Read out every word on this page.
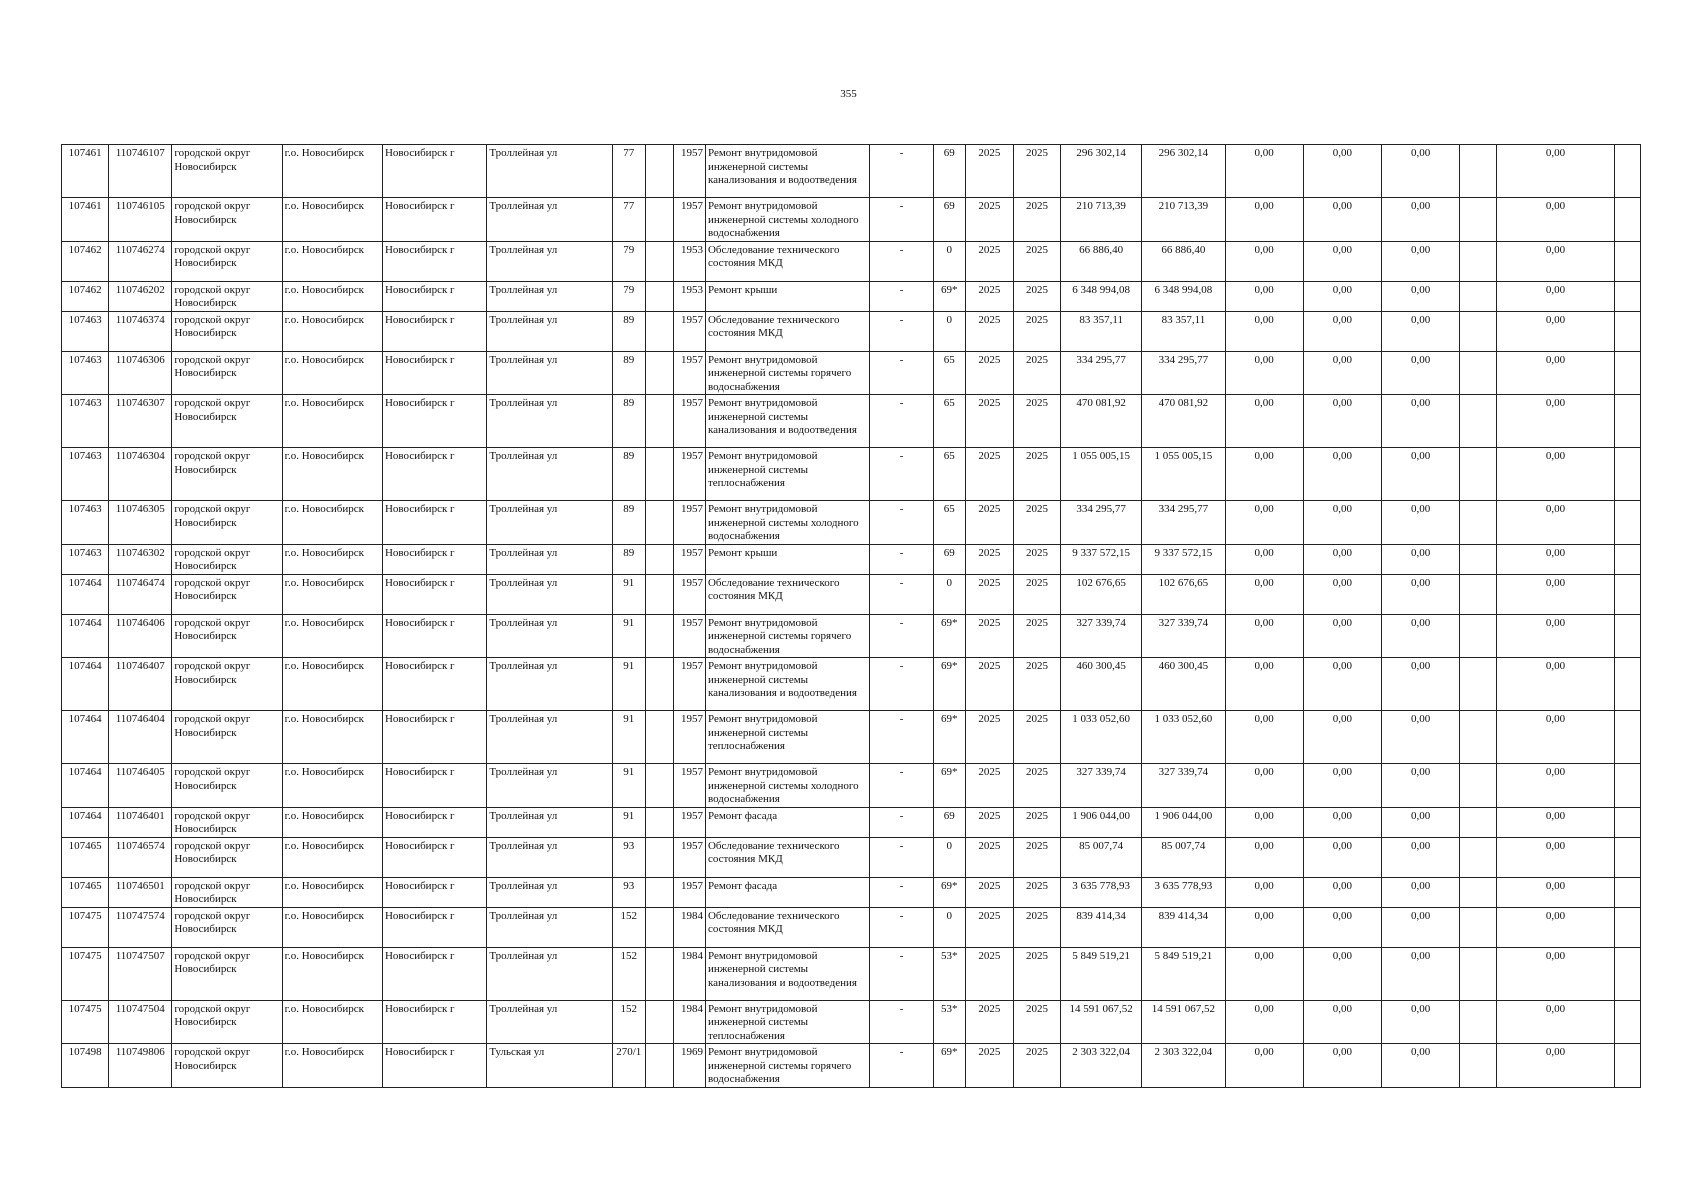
355
107461	110746107	городской округ Новосибирск	г.о. Новосибирск	Новосибирск г	Троллейная ул	77		1957	Ремонт внутридомовой инженерной системы канализования и водоотведения	-	69	2025	2025	296 302,14	296 302,14	0,00	0,00	0,00		0,00	
107461	110746105	городской округ Новосибирск	г.о. Новосибирск	Новосибирск г	Троллейная ул	77		1957	Ремонт внутридомовой инженерной системы холодного водоснабжения	-	69	2025	2025	210 713,39	210 713,39	0,00	0,00	0,00		0,00	
107462	110746274	городской округ Новосибирск	г.о. Новосибирск	Новосибирск г	Троллейная ул	79		1953	Обследование технического состояния МКД	-	0	2025	2025	66 886,40	66 886,40	0,00	0,00	0,00		0,00	
107462	110746202	городской округ Новосибирск	г.о. Новосибирск	Новосибирск г	Троллейная ул	79		1953	Ремонт крыши	-	69*	2025	2025	6 348 994,08	6 348 994,08	0,00	0,00	0,00		0,00	
107463	110746374	городской округ Новосибирск	г.о. Новосибирск	Новосибирск г	Троллейная ул	89		1957	Обследование технического состояния МКД	-	0	2025	2025	83 357,11	83 357,11	0,00	0,00	0,00		0,00	
107463	110746306	городской округ Новосибирск	г.о. Новосибирск	Новосибирск г	Троллейная ул	89		1957	Ремонт внутридомовой инженерной системы горячего водоснабжения	-	65	2025	2025	334 295,77	334 295,77	0,00	0,00	0,00		0,00	
107463	110746307	городской округ Новосибирск	г.о. Новосибирск	Новосибирск г	Троллейная ул	89		1957	Ремонт внутридомовой инженерной системы канализования и водоотведения	-	65	2025	2025	470 081,92	470 081,92	0,00	0,00	0,00		0,00	
107463	110746304	городской округ Новосибирск	г.о. Новосибирск	Новосибирск г	Троллейная ул	89		1957	Ремонт внутридомовой инженерной системы теплоснабжения	-	65	2025	2025	1 055 005,15	1 055 005,15	0,00	0,00	0,00		0,00	
107463	110746305	городской округ Новосибирск	г.о. Новосибирск	Новосибирск г	Троллейная ул	89		1957	Ремонт внутридомовой инженерной системы холодного водоснабжения	-	65	2025	2025	334 295,77	334 295,77	0,00	0,00	0,00		0,00	
107463	110746302	городской округ Новосибирск	г.о. Новосибирск	Новосибирск г	Троллейная ул	89		1957	Ремонт крыши	-	69	2025	2025	9 337 572,15	9 337 572,15	0,00	0,00	0,00		0,00	
107464	110746474	городской округ Новосибирск	г.о. Новосибирск	Новосибирск г	Троллейная ул	91		1957	Обследование технического состояния МКД	-	0	2025	2025	102 676,65	102 676,65	0,00	0,00	0,00		0,00	
107464	110746406	городской округ Новосибирск	г.о. Новосибирск	Новосибирск г	Троллейная ул	91		1957	Ремонт внутридомовой инженерной системы горячего водоснабжения	-	69*	2025	2025	327 339,74	327 339,74	0,00	0,00	0,00		0,00	
107464	110746407	городской округ Новосибирск	г.о. Новосибирск	Новосибирск г	Троллейная ул	91		1957	Ремонт внутридомовой инженерной системы канализования и водоотведения	-	69*	2025	2025	460 300,45	460 300,45	0,00	0,00	0,00		0,00	
107464	110746404	городской округ Новосибирск	г.о. Новосибирск	Новосибирск г	Троллейная ул	91		1957	Ремонт внутридомовой инженерной системы теплоснабжения	-	69*	2025	2025	1 033 052,60	1 033 052,60	0,00	0,00	0,00		0,00	
107464	110746405	городской округ Новосибирск	г.о. Новосибирск	Новосибирск г	Троллейная ул	91		1957	Ремонт внутридомовой инженерной системы холодного водоснабжения	-	69*	2025	2025	327 339,74	327 339,74	0,00	0,00	0,00		0,00	
107464	110746401	городской округ Новосибирск	г.о. Новосибирск	Новосибирск г	Троллейная ул	91		1957	Ремонт фасада	-	69	2025	2025	1 906 044,00	1 906 044,00	0,00	0,00	0,00		0,00	
107465	110746574	городской округ Новосибирск	г.о. Новосибирск	Новосибирск г	Троллейная ул	93		1957	Обследование технического состояния МКД	-	0	2025	2025	85 007,74	85 007,74	0,00	0,00	0,00		0,00	
107465	110746501	городской округ Новосибирск	г.о. Новосибирск	Новосибирск г	Троллейная ул	93		1957	Ремонт фасада	-	69*	2025	2025	3 635 778,93	3 635 778,93	0,00	0,00	0,00		0,00	
107475	110747574	городской округ Новосибирск	г.о. Новосибирск	Новосибирск г	Троллейная ул	152		1984	Обследование технического состояния МКД	-	0	2025	2025	839 414,34	839 414,34	0,00	0,00	0,00		0,00	
107475	110747507	городской округ Новосибирск	г.о. Новосибирск	Новосибирск г	Троллейная ул	152		1984	Ремонт внутридомовой инженерной системы канализования и водоотведения	-	53*	2025	2025	5 849 519,21	5 849 519,21	0,00	0,00	0,00		0,00	
107475	110747504	городской округ Новосибирск	г.о. Новосибирск	Новосибирск г	Троллейная ул	152		1984	Ремонт внутридомовой инженерной системы теплоснабжения	-	53*	2025	2025	14 591 067,52	14 591 067,52	0,00	0,00	0,00		0,00	
107498	110749806	городской округ Новосибирск	г.о. Новосибирск	Новосибирск г	Тульская ул	270/1		1969	Ремонт внутридомовой инженерной системы горячего водоснабжения	-	69*	2025	2025	2 303 322,04	2 303 322,04	0,00	0,00	0,00		0,00	
